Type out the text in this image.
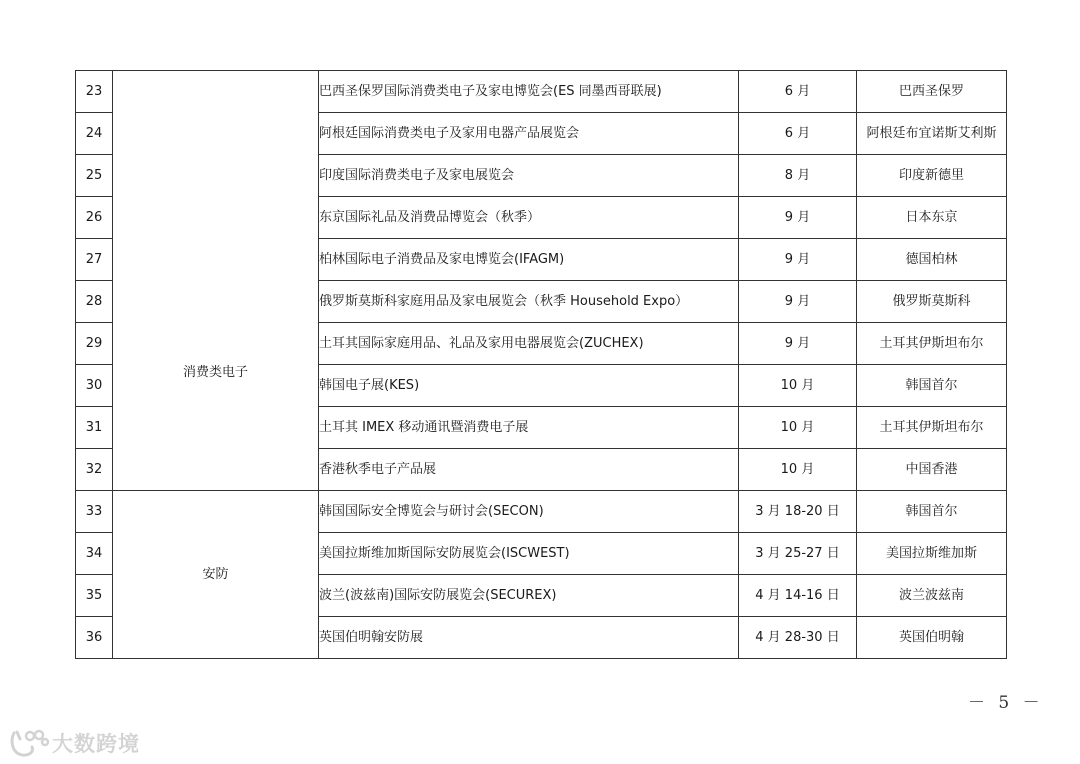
23	消费类电子	巴西圣保罗国际消费类电子及家电博览会(ES 同墨西哥联展)	6 月	巴西圣保罗
24		阿根廷国际消费类电子及家用电器产品展览会	6 月	阿根廷布宜诺斯艾利斯
25		印度国际消费类电子及家电展览会	8 月	印度新德里
26		东京国际礼品及消费品博览会（秋季）	9 月	日本东京
27		柏林国际电子消费品及家电博览会(IFAGM)	9 月	德国柏林
28		俄罗斯莫斯科家庭用品及家电展览会（秋季 Household Expo）	9 月	俄罗斯莫斯科
29		土耳其国际家庭用品、礼品及家用电器展览会(ZUCHEX)	9 月	土耳其伊斯坦布尔
30		韩国电子展(KES)	10 月	韩国首尔
31		土耳其 IMEX 移动通讯暨消费电子展	10 月	土耳其伊斯坦布尔
32		香港秋季电子产品展	10 月	中国香港
33	安防	韩国国际安全博览会与研讨会(SECON)	3 月 18-20 日	韩国首尔
34		美国拉斯维加斯国际安防展览会(ISCWEST)	3 月 25-27 日	美国拉斯维加斯
35		波兰(波兹南)国际安防展览会(SECUREX)	4 月 14-16 日	波兰波兹南
36		英国伯明翰安防展	4 月 28-30 日	英国伯明翰
－ 5 －
大数跨境
